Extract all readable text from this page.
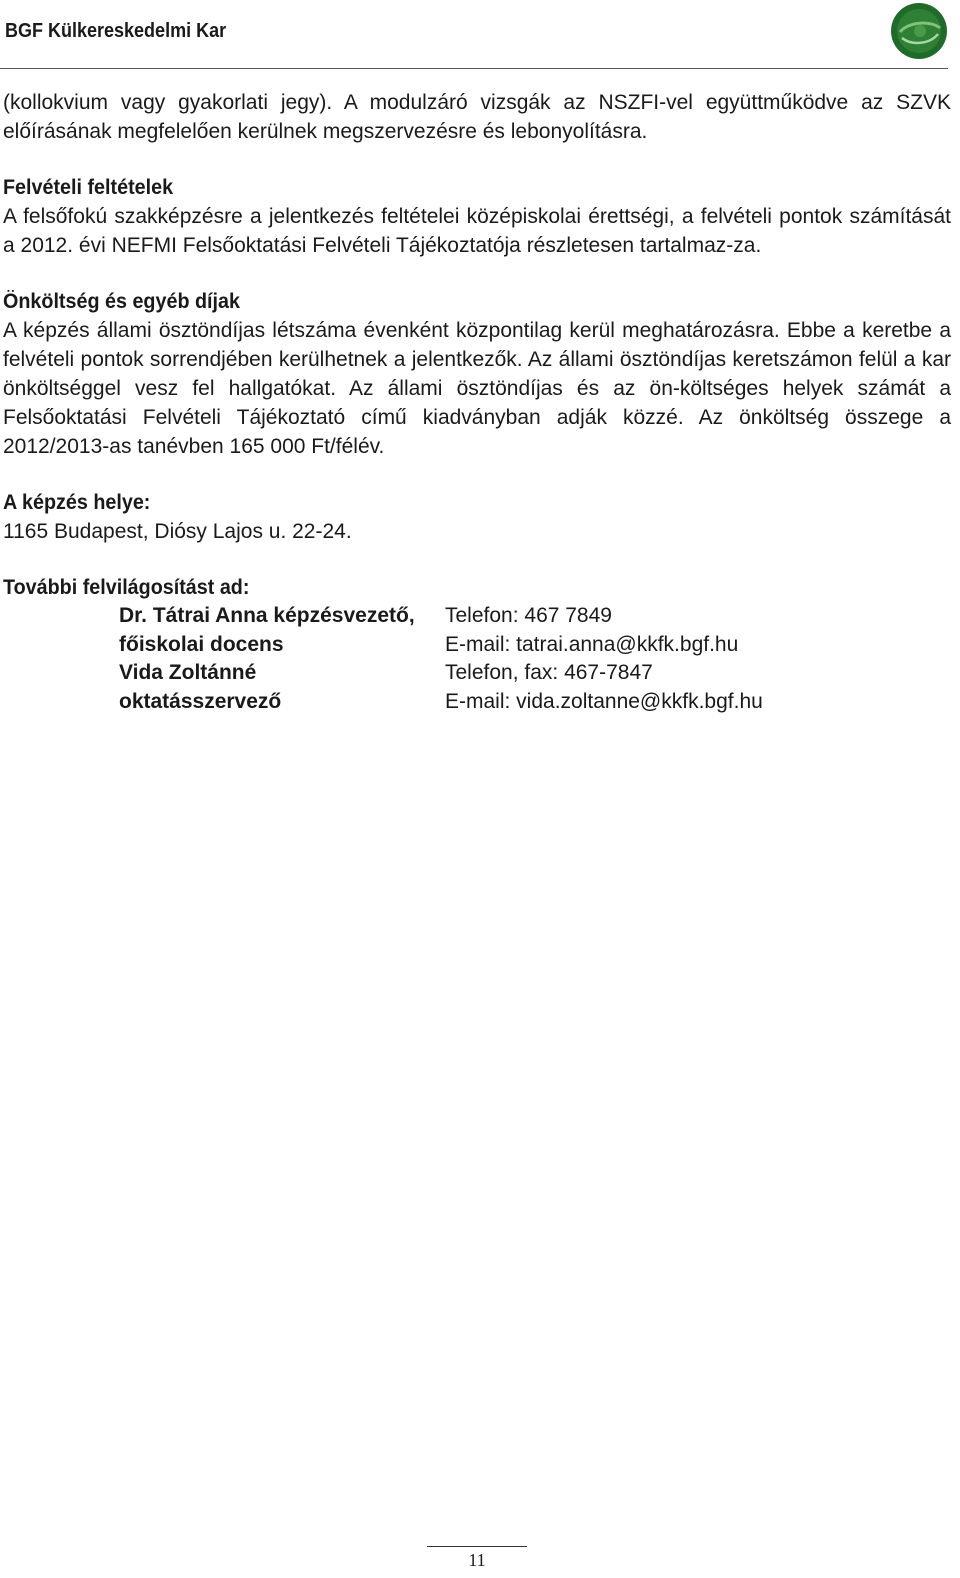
BGF Külkereskedelmi Kar

(kollokvium vagy gyakorlati jegy). A modulzáró vizsgák az NSZFI-vel együttműködve az SZVK előírásának megfelelően kerülnek megszervezésre és lebonyolításra.

Felvételi feltételek

A felsőfokú szakképzésre a jelentkezés feltételei középiskolai érettségi, a felvételi pontok számítását a 2012. évi NEFMI Felsőoktatási Felvételi Tájékoztatója részletesen tartalmaz-za.

Önköltség és egyéb díjak

A képzés állami ösztöndíjas létszáma évenként központilag kerül meghatározásra. Ebbe a keretbe a felvételi pontok sorrendjében kerülhetnek a jelentkezők. Az állami ösztöndíjas keretszámon felül a kar önköltséggel vesz fel hallgatókat. Az állami ösztöndíjas és az ön-költséges helyek számát a Felsőoktatási Felvételi Tájékoztató című kiadványban adják közzé. Az önköltség összege a 2012/2013-as tanévben 165 000 Ft/félév.

A képzés helye:

1165 Budapest, Diósy Lajos u. 22-24.

További felvilágosítást ad:
Dr. Tátrai Anna képzésvezető,	Telefon: 467 7849
főiskolai docens	E-mail: tatrai.anna@kkfk.bgf.hu
Vida Zoltánné	Telefon, fax: 467-7847
oktatásszervező	E-mail: vida.zoltanne@kkfk.bgf.hu
11
